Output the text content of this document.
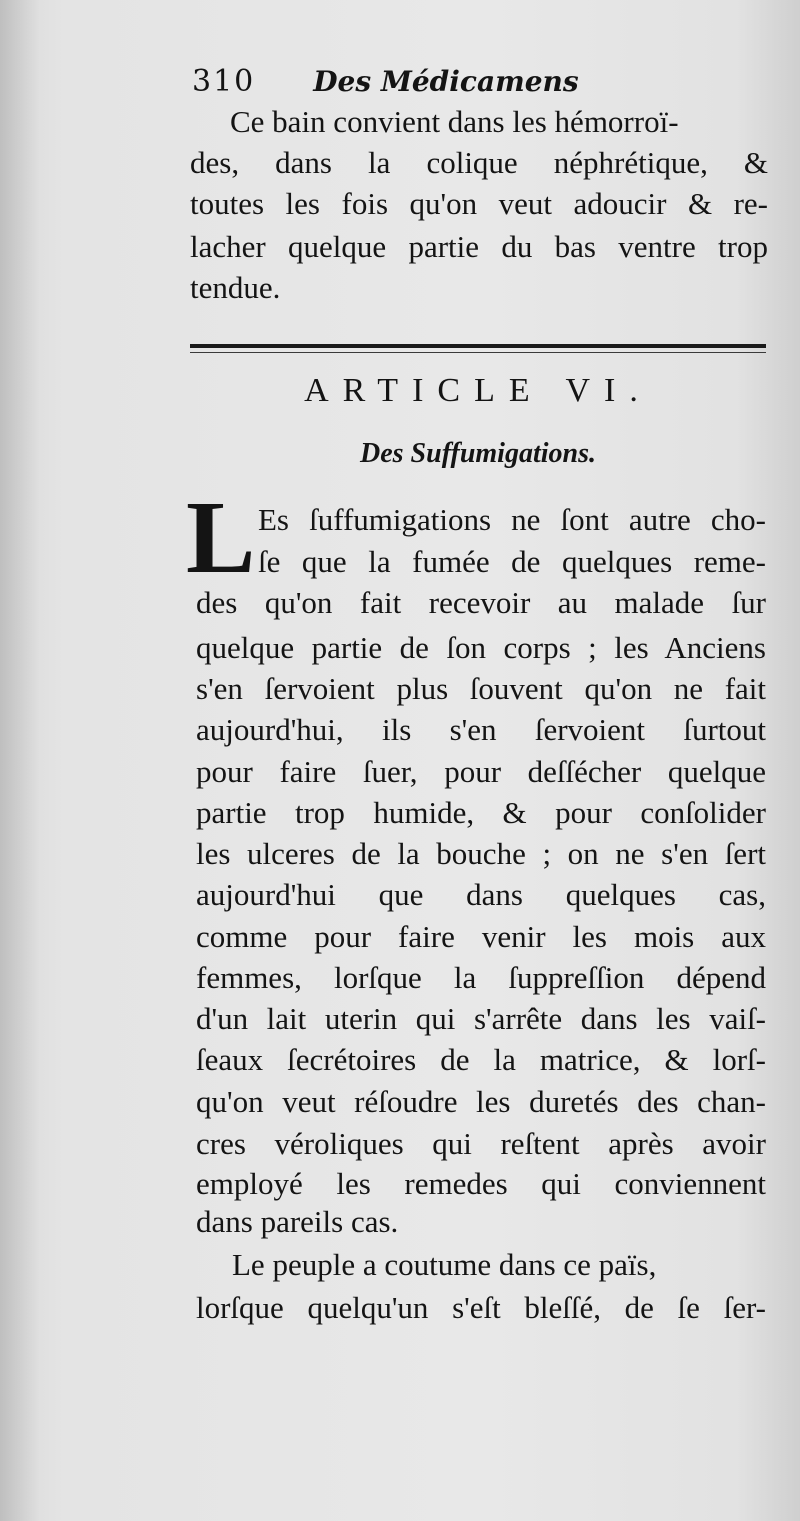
310 Des Médicamens
Ce bain convient dans les hémorroï-
des, dans la colique néphrétique, &
toutes les fois qu'on veut adoucir & re-
lacher quelque partie du bas ventre trop
tendue.
ARTICLE VI.
Des Suffumigations.
L Es ſuffumigations ne ſont autre cho-
ſe que la fumée de quelques reme-
des qu'on fait recevoir au malade ſur
quelque partie de ſon corps ; les Anciens
s'en ſervoient plus ſouvent qu'on ne fait
aujourd'hui, ils s'en ſervoient ſurtout
pour faire ſuer, pour deſſécher quelque
partie trop humide, & pour conſolider
les ulceres de la bouche ; on ne s'en ſert
aujourd'hui que dans quelques cas,
comme pour faire venir les mois aux
femmes, lorſque la ſuppreſſion dépend
d'un lait uterin qui s'arrête dans les vaiſ-
ſeaux ſecrétoires de la matrice, & lorſ-
qu'on veut réſoudre les duretés des chan-
cres véroliques qui reſtent après avoir
employé les remedes qui conviennent
dans pareils cas.
Le peuple a coutume dans ce païs,
lorſque quelqu'un s'eſt bleſſé, de ſe ſer-
